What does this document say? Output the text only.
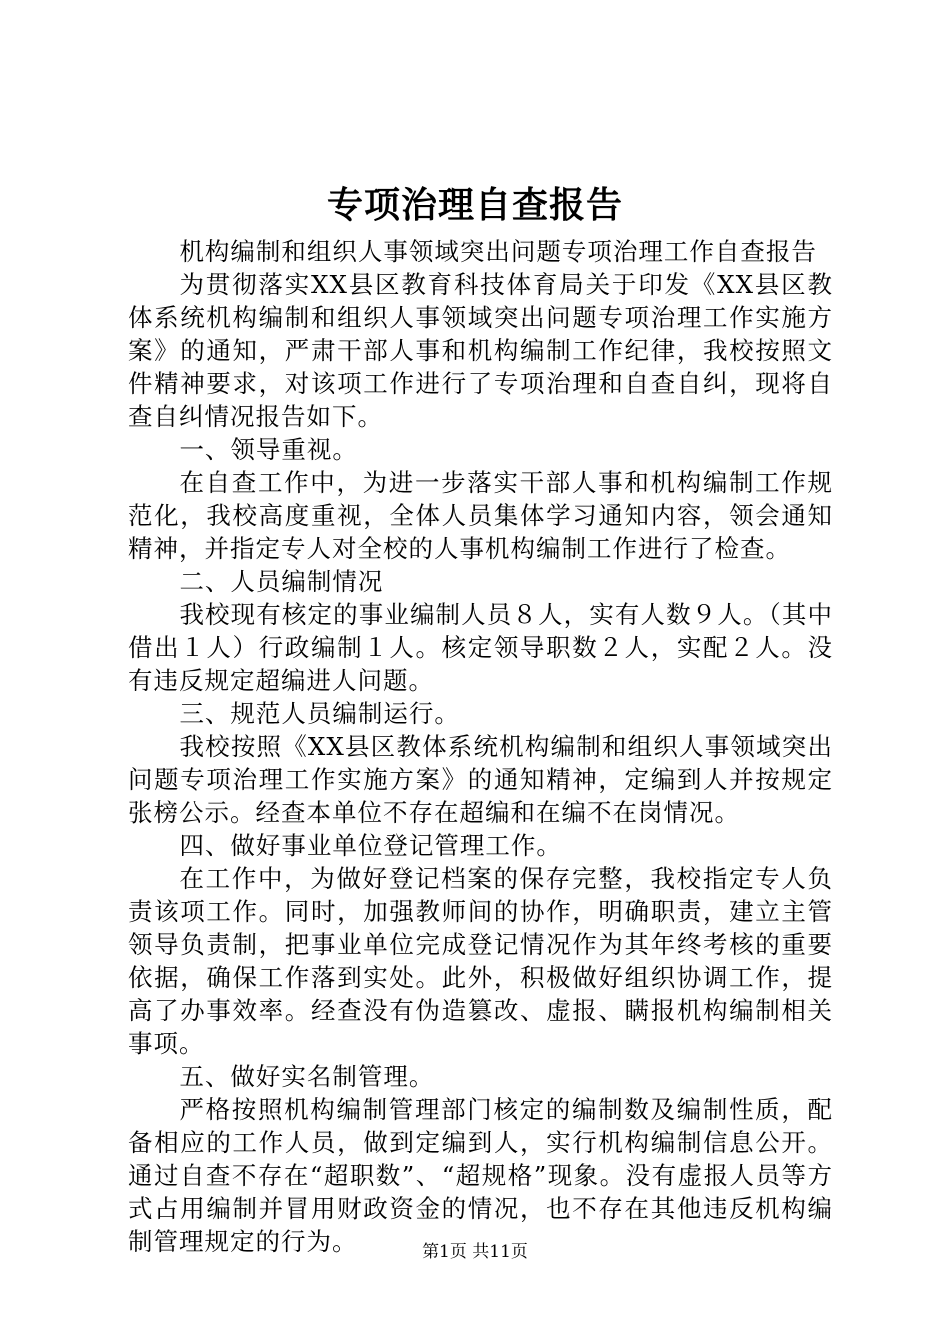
专项治理自查报告

机构编制和组织人事领域突出问题专项治理工作自查报告

为贯彻落实XX县区教育科技体育局关于印发《XX县区教体系统机构编制和组织人事领域突出问题专项治理工作实施方案》的通知，严肃干部人事和机构编制工作纪律，我校按照文件精神要求，对该项工作进行了专项治理和自查自纠，现将自查自纠情况报告如下。

一、领导重视。

在自查工作中，为进一步落实干部人事和机构编制工作规范化，我校高度重视，全体人员集体学习通知内容，领会通知精神，并指定专人对全校的人事机构编制工作进行了检查。

二、人员编制情况

我校现有核定的事业编制人员８人，实有人数９人。（其中借出１人）行政编制１人。核定领导职数２人，实配２人。没有违反规定超编进人问题。

三、规范人员编制运行。

我校按照《XX县区教体系统机构编制和组织人事领域突出问题专项治理工作实施方案》的通知精神，定编到人并按规定张榜公示。经查本单位不存在超编和在编不在岗情况。

四、做好事业单位登记管理工作。

在工作中，为做好登记档案的保存完整，我校指定专人负责该项工作。同时，加强教师间的协作，明确职责，建立主管领导负责制，把事业单位完成登记情况作为其年终考核的重要依据，确保工作落到实处。此外，积极做好组织协调工作，提高了办事效率。经查没有伪造篡改、虚报、瞒报机构编制相关事项。

五、做好实名制管理。

严格按照机构编制管理部门核定的编制数及编制性质，配备相应的工作人员，做到定编到人，实行机构编制信息公开。通过自查不存在“超职数”、“超规格”现象。没有虚报人员等方式占用编制并冒用财政资金的情况，也不存在其他违反机构编制管理规定的行为。	第1页 共11页
